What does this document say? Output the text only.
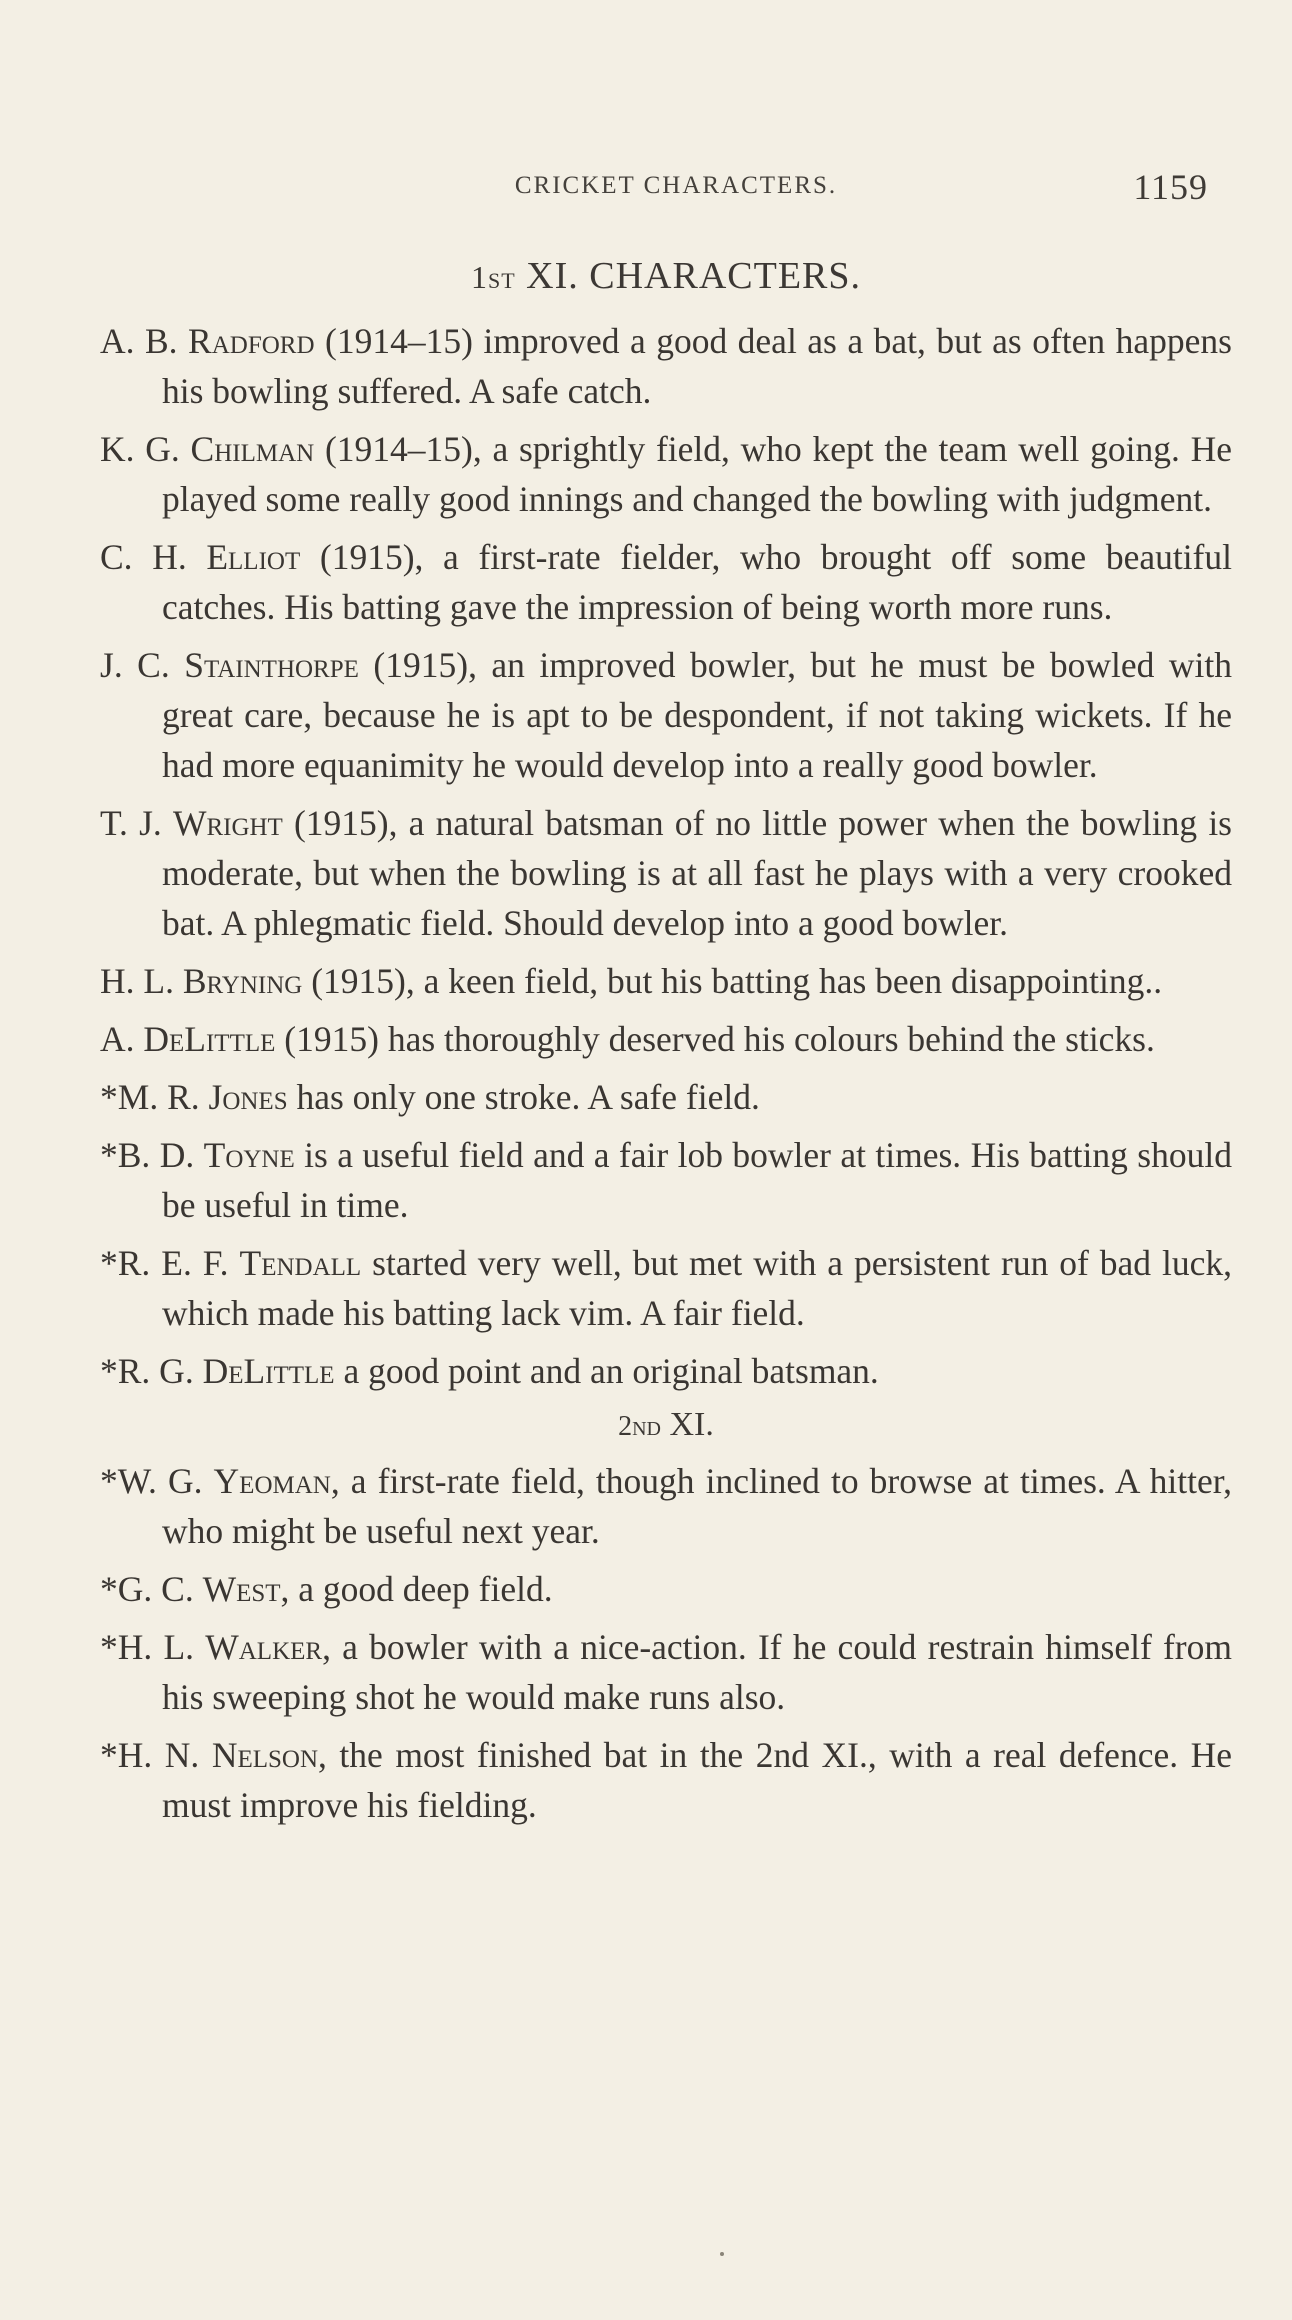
CRICKET CHARACTERS.	1159
1st XI. CHARACTERS.

A. B. Radford (1914–15) improved a good deal as a bat, but as often happens his bowling suffered. A safe catch.

K. G. Chilman (1914–15), a sprightly field, who kept the team well going. He played some really good innings and changed the bowling with judgment.

C. H. Elliot (1915), a first-rate fielder, who brought off some beautiful catches. His batting gave the impression of being worth more runs.

J. C. Stainthorpe (1915), an improved bowler, but he must be bowled with great care, because he is apt to be despondent, if not taking wickets. If he had more equanimity he would develop into a really good bowler.

T. J. Wright (1915), a natural batsman of no little power when the bowling is moderate, but when the bowling is at all fast he plays with a very crooked bat. A phlegmatic field. Should develop into a good bowler.

H. L. Bryning (1915), a keen field, but his batting has been disappointing..

A. DeLittle (1915) has thoroughly deserved his colours behind the sticks.

*M. R. Jones has only one stroke. A safe field.

*B. D. Toyne is a useful field and a fair lob bowler at times. His batting should be useful in time.

*R. E. F. Tendall started very well, but met with a persistent run of bad luck, which made his batting lack vim. A fair field.

*R. G. DeLittle a good point and an original batsman.

2nd XI.

*W. G. Yeoman, a first-rate field, though inclined to browse at times. A hitter, who might be useful next year.

*G. C. West, a good deep field.

*H. L. Walker, a bowler with a nice-action. If he could restrain himself from his sweeping shot he would make runs also.

*H. N. Nelson, the most finished bat in the 2nd XI., with a real defence. He must improve his fielding.
